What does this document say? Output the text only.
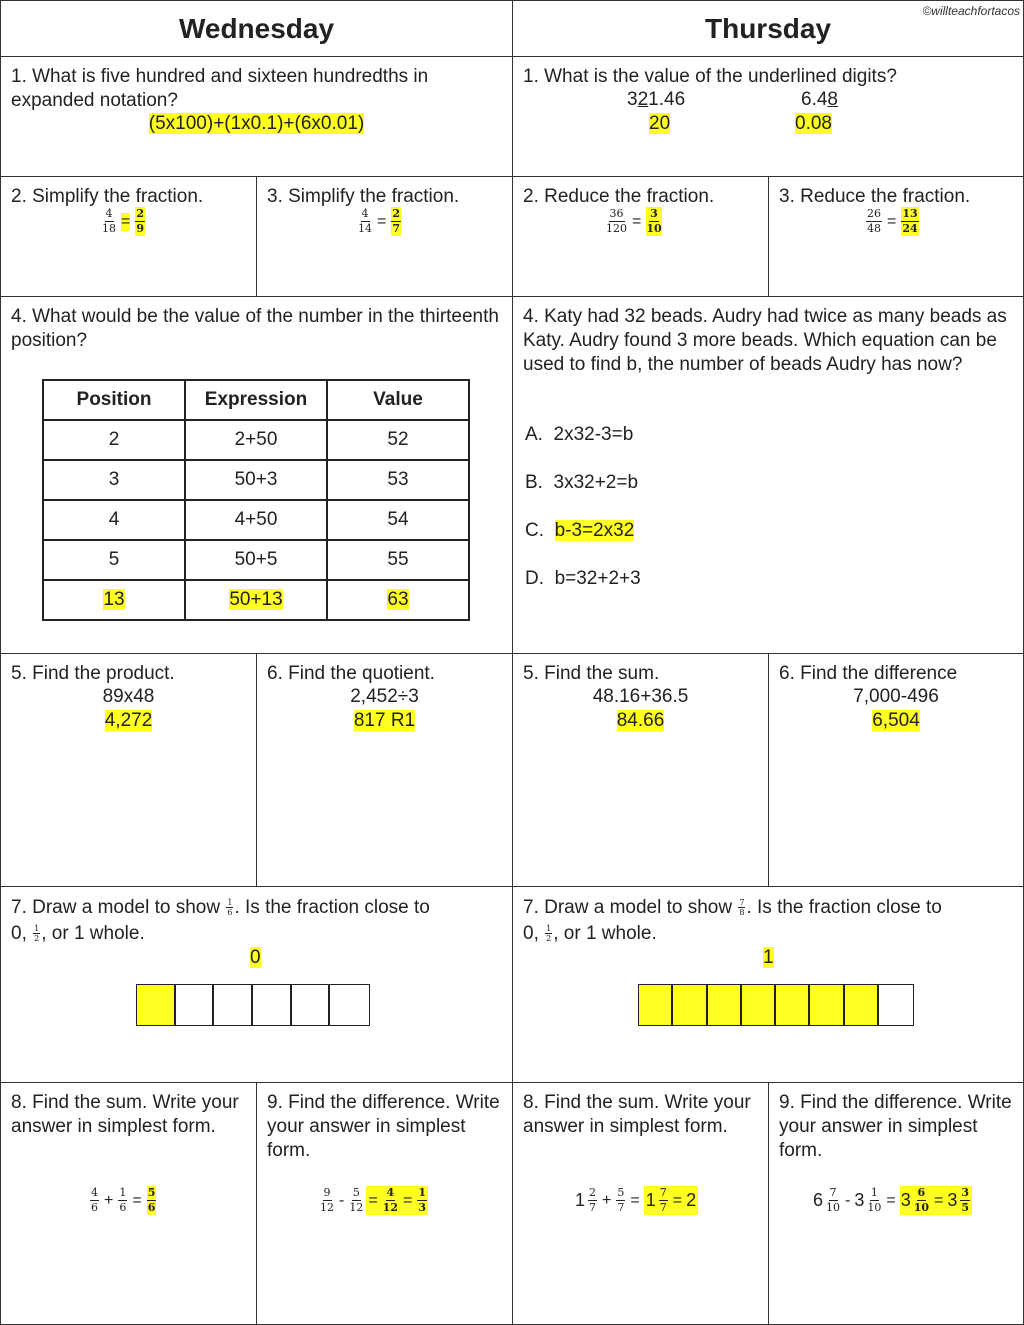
Wednesday	Thursday
©willteachfortacos
1. What is five hundred and sixteen hundredths in expanded notation?
(5x100)+(1x0.1)+(6x0.01)
1. What is the value of the underlined digits?
321.46	6.48
20	0.08
2. Simplify the fraction.
$\frac{4}{18} = \frac{2}{9}$
3. Simplify the fraction.
$\frac{4}{14} = \frac{2}{7}$
2. Reduce the fraction.
$\frac{36}{120} = \frac{3}{10}$
3. Reduce the fraction.
$\frac{26}{48} = \frac{13}{24}$
4. What would be the value of the number in the thirteenth position?
Position	Expression	Value
2	2+50	52
3	50+3	53
4	4+50	54
5	50+5	55
13	50+13	63
4. Katy had 32 beads. Audry had twice as many beads as Katy. Audry found 3 more beads. Which equation can be used to find b, the number of beads Audry has now?
A. 2x32-3=b
B. 3x32+2=b
C. b-3=2x32
D. b=32+2+3
5. Find the product.
89x48
4,272
6. Find the quotient.
2,452÷3
817 R1
5. Find the sum.
48.16+36.5
84.66
6. Find the difference
7,000-496
6,504
7. Draw a model to show $\frac{1}{6}$ . Is the fraction close to
0, $\frac{1}{2}$ , or 1 whole.
0
7. Draw a model to show $\frac{7}{8}$ . Is the fraction close to
0, $\frac{1}{2}$ , or 1 whole.
1
8. Find the sum. Write your answer in simplest form.
$\frac{4}{6} + \frac{1}{6} = \frac{5}{6}$
9. Find the difference. Write your answer in simplest form.
$\frac{9}{12} - \frac{5}{12} = \frac{4}{12} = \frac{1}{3}$
8. Find the sum. Write your answer in simplest form.
$1 \frac{2}{7} + \frac{5}{7} = 1 \frac{7}{7} = 2$
9. Find the difference. Write your answer in simplest form.
$6 \frac{7}{10} - 3 \frac{1}{10} = 3 \frac{6}{10} = 3 \frac{3}{5}$
